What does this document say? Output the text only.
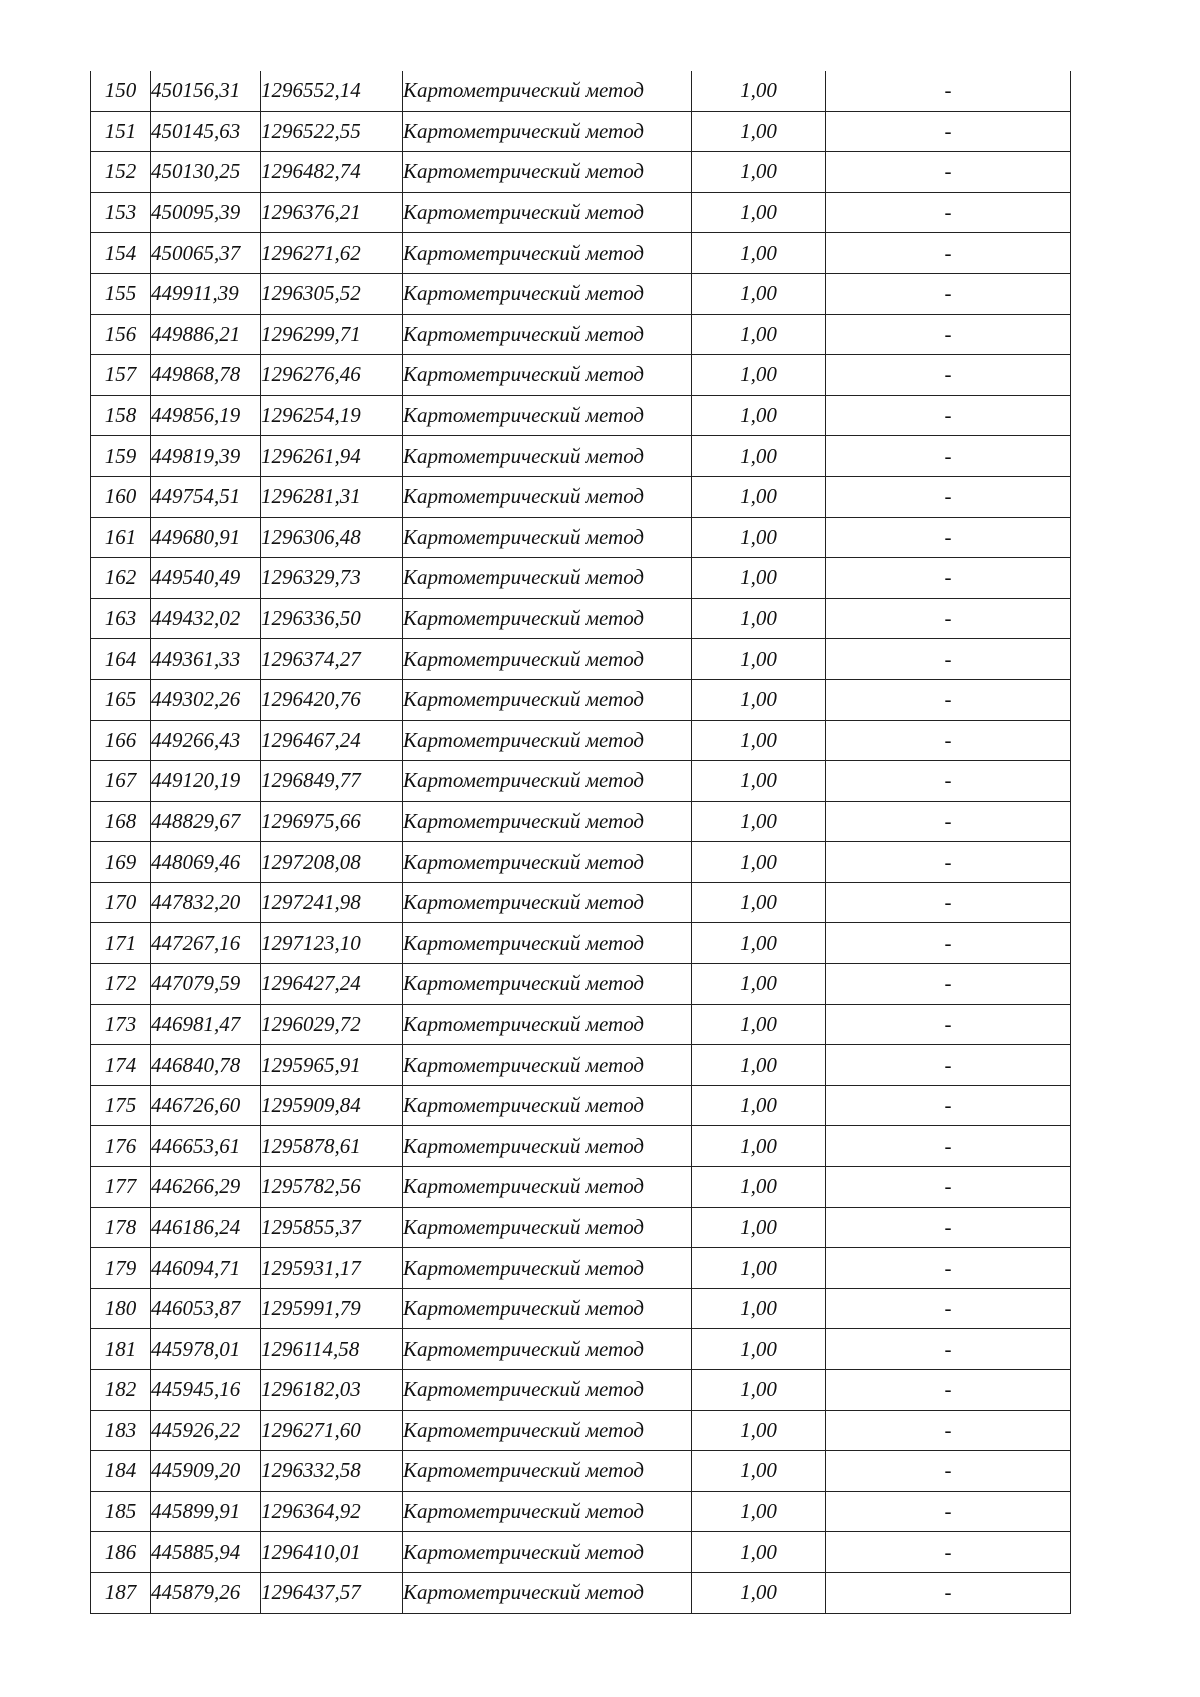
150	450156,31	1296552,14	Картометрический метод	1,00	-
151	450145,63	1296522,55	Картометрический метод	1,00	-
152	450130,25	1296482,74	Картометрический метод	1,00	-
153	450095,39	1296376,21	Картометрический метод	1,00	-
154	450065,37	1296271,62	Картометрический метод	1,00	-
155	449911,39	1296305,52	Картометрический метод	1,00	-
156	449886,21	1296299,71	Картометрический метод	1,00	-
157	449868,78	1296276,46	Картометрический метод	1,00	-
158	449856,19	1296254,19	Картометрический метод	1,00	-
159	449819,39	1296261,94	Картометрический метод	1,00	-
160	449754,51	1296281,31	Картометрический метод	1,00	-
161	449680,91	1296306,48	Картометрический метод	1,00	-
162	449540,49	1296329,73	Картометрический метод	1,00	-
163	449432,02	1296336,50	Картометрический метод	1,00	-
164	449361,33	1296374,27	Картометрический метод	1,00	-
165	449302,26	1296420,76	Картометрический метод	1,00	-
166	449266,43	1296467,24	Картометрический метод	1,00	-
167	449120,19	1296849,77	Картометрический метод	1,00	-
168	448829,67	1296975,66	Картометрический метод	1,00	-
169	448069,46	1297208,08	Картометрический метод	1,00	-
170	447832,20	1297241,98	Картометрический метод	1,00	-
171	447267,16	1297123,10	Картометрический метод	1,00	-
172	447079,59	1296427,24	Картометрический метод	1,00	-
173	446981,47	1296029,72	Картометрический метод	1,00	-
174	446840,78	1295965,91	Картометрический метод	1,00	-
175	446726,60	1295909,84	Картометрический метод	1,00	-
176	446653,61	1295878,61	Картометрический метод	1,00	-
177	446266,29	1295782,56	Картометрический метод	1,00	-
178	446186,24	1295855,37	Картометрический метод	1,00	-
179	446094,71	1295931,17	Картометрический метод	1,00	-
180	446053,87	1295991,79	Картометрический метод	1,00	-
181	445978,01	1296114,58	Картометрический метод	1,00	-
182	445945,16	1296182,03	Картометрический метод	1,00	-
183	445926,22	1296271,60	Картометрический метод	1,00	-
184	445909,20	1296332,58	Картометрический метод	1,00	-
185	445899,91	1296364,92	Картометрический метод	1,00	-
186	445885,94	1296410,01	Картометрический метод	1,00	-
187	445879,26	1296437,57	Картометрический метод	1,00	-
